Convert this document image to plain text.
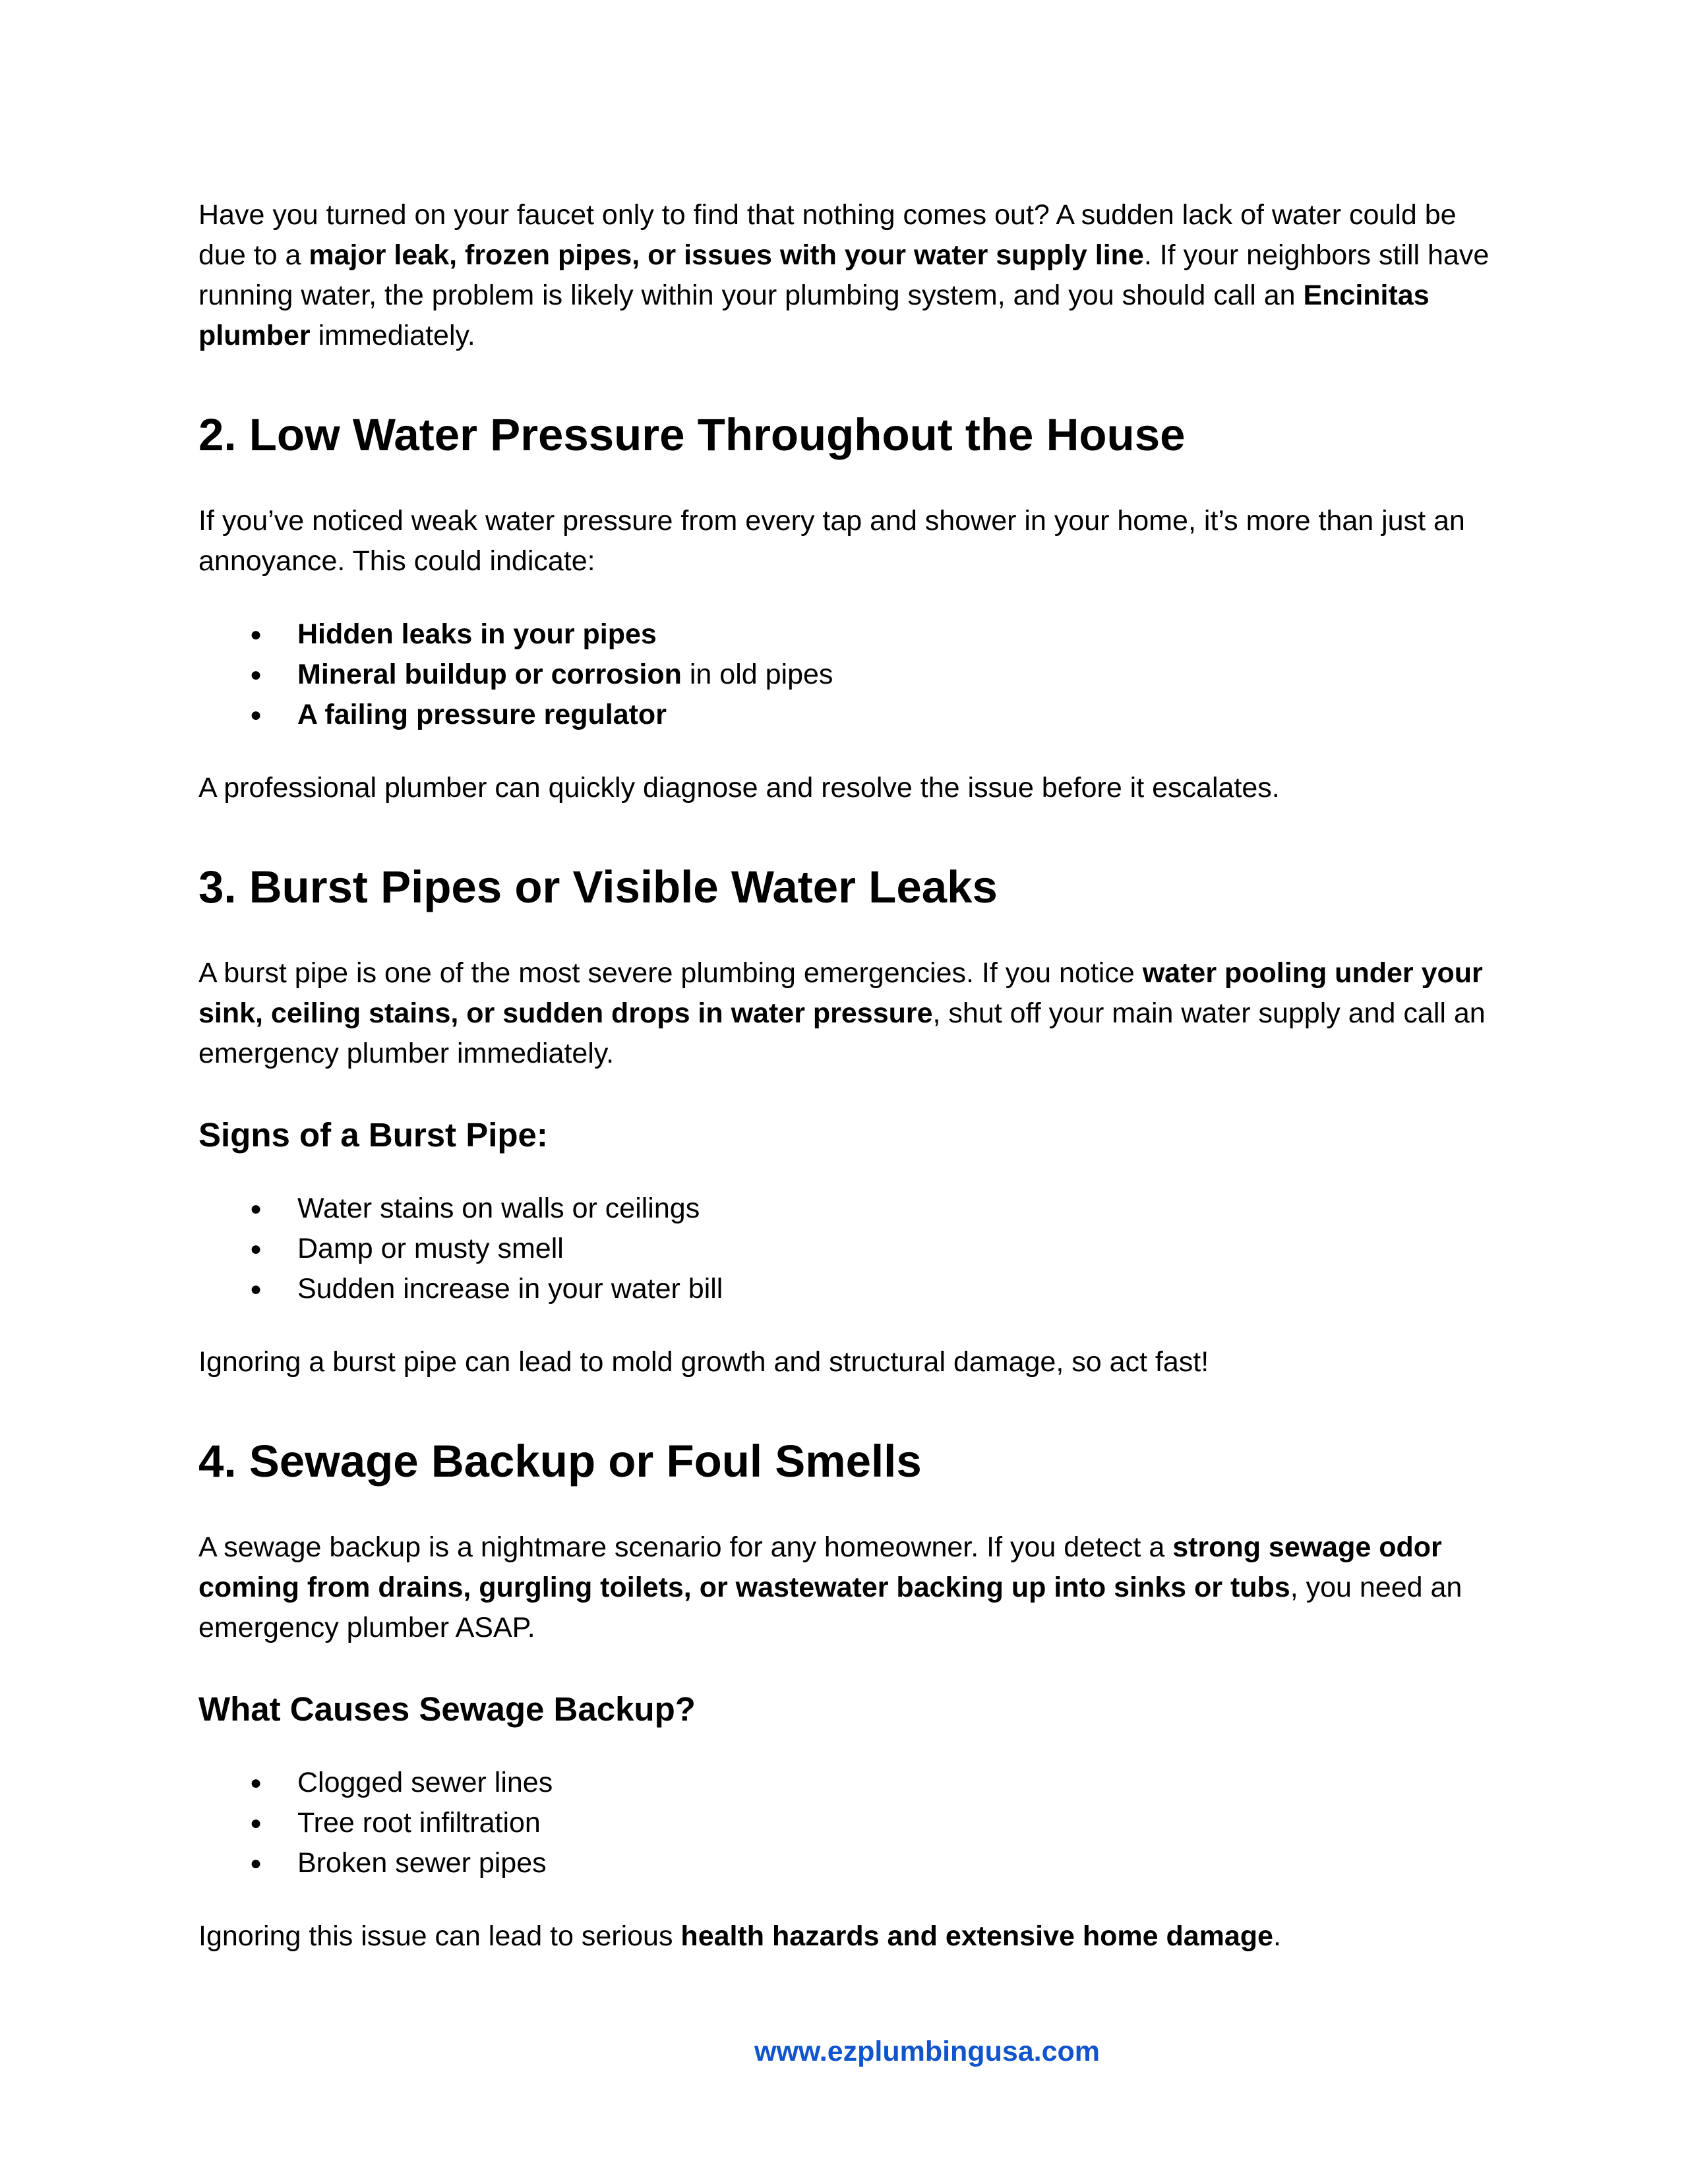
Have you turned on your faucet only to find that nothing comes out? A sudden lack of water could be due to a major leak, frozen pipes, or issues with your water supply line. If your neighbors still have running water, the problem is likely within your plumbing system, and you should call an Encinitas plumber immediately.

2. Low Water Pressure Throughout the House

If you’ve noticed weak water pressure from every tap and shower in your home, it’s more than just an annoyance. This could indicate:

● Hidden leaks in your pipes
● Mineral buildup or corrosion in old pipes
● A failing pressure regulator

A professional plumber can quickly diagnose and resolve the issue before it escalates.

3. Burst Pipes or Visible Water Leaks

A burst pipe is one of the most severe plumbing emergencies. If you notice water pooling under your sink, ceiling stains, or sudden drops in water pressure, shut off your main water supply and call an emergency plumber immediately.

Signs of a Burst Pipe:
● Water stains on walls or ceilings
● Damp or musty smell
● Sudden increase in your water bill

Ignoring a burst pipe can lead to mold growth and structural damage, so act fast!

4. Sewage Backup or Foul Smells

A sewage backup is a nightmare scenario for any homeowner. If you detect a strong sewage odor coming from drains, gurgling toilets, or wastewater backing up into sinks or tubs, you need an emergency plumber ASAP.

What Causes Sewage Backup?
● Clogged sewer lines
● Tree root infiltration
● Broken sewer pipes

Ignoring this issue can lead to serious health hazards and extensive home damage.

www.ezplumbingusa.com
